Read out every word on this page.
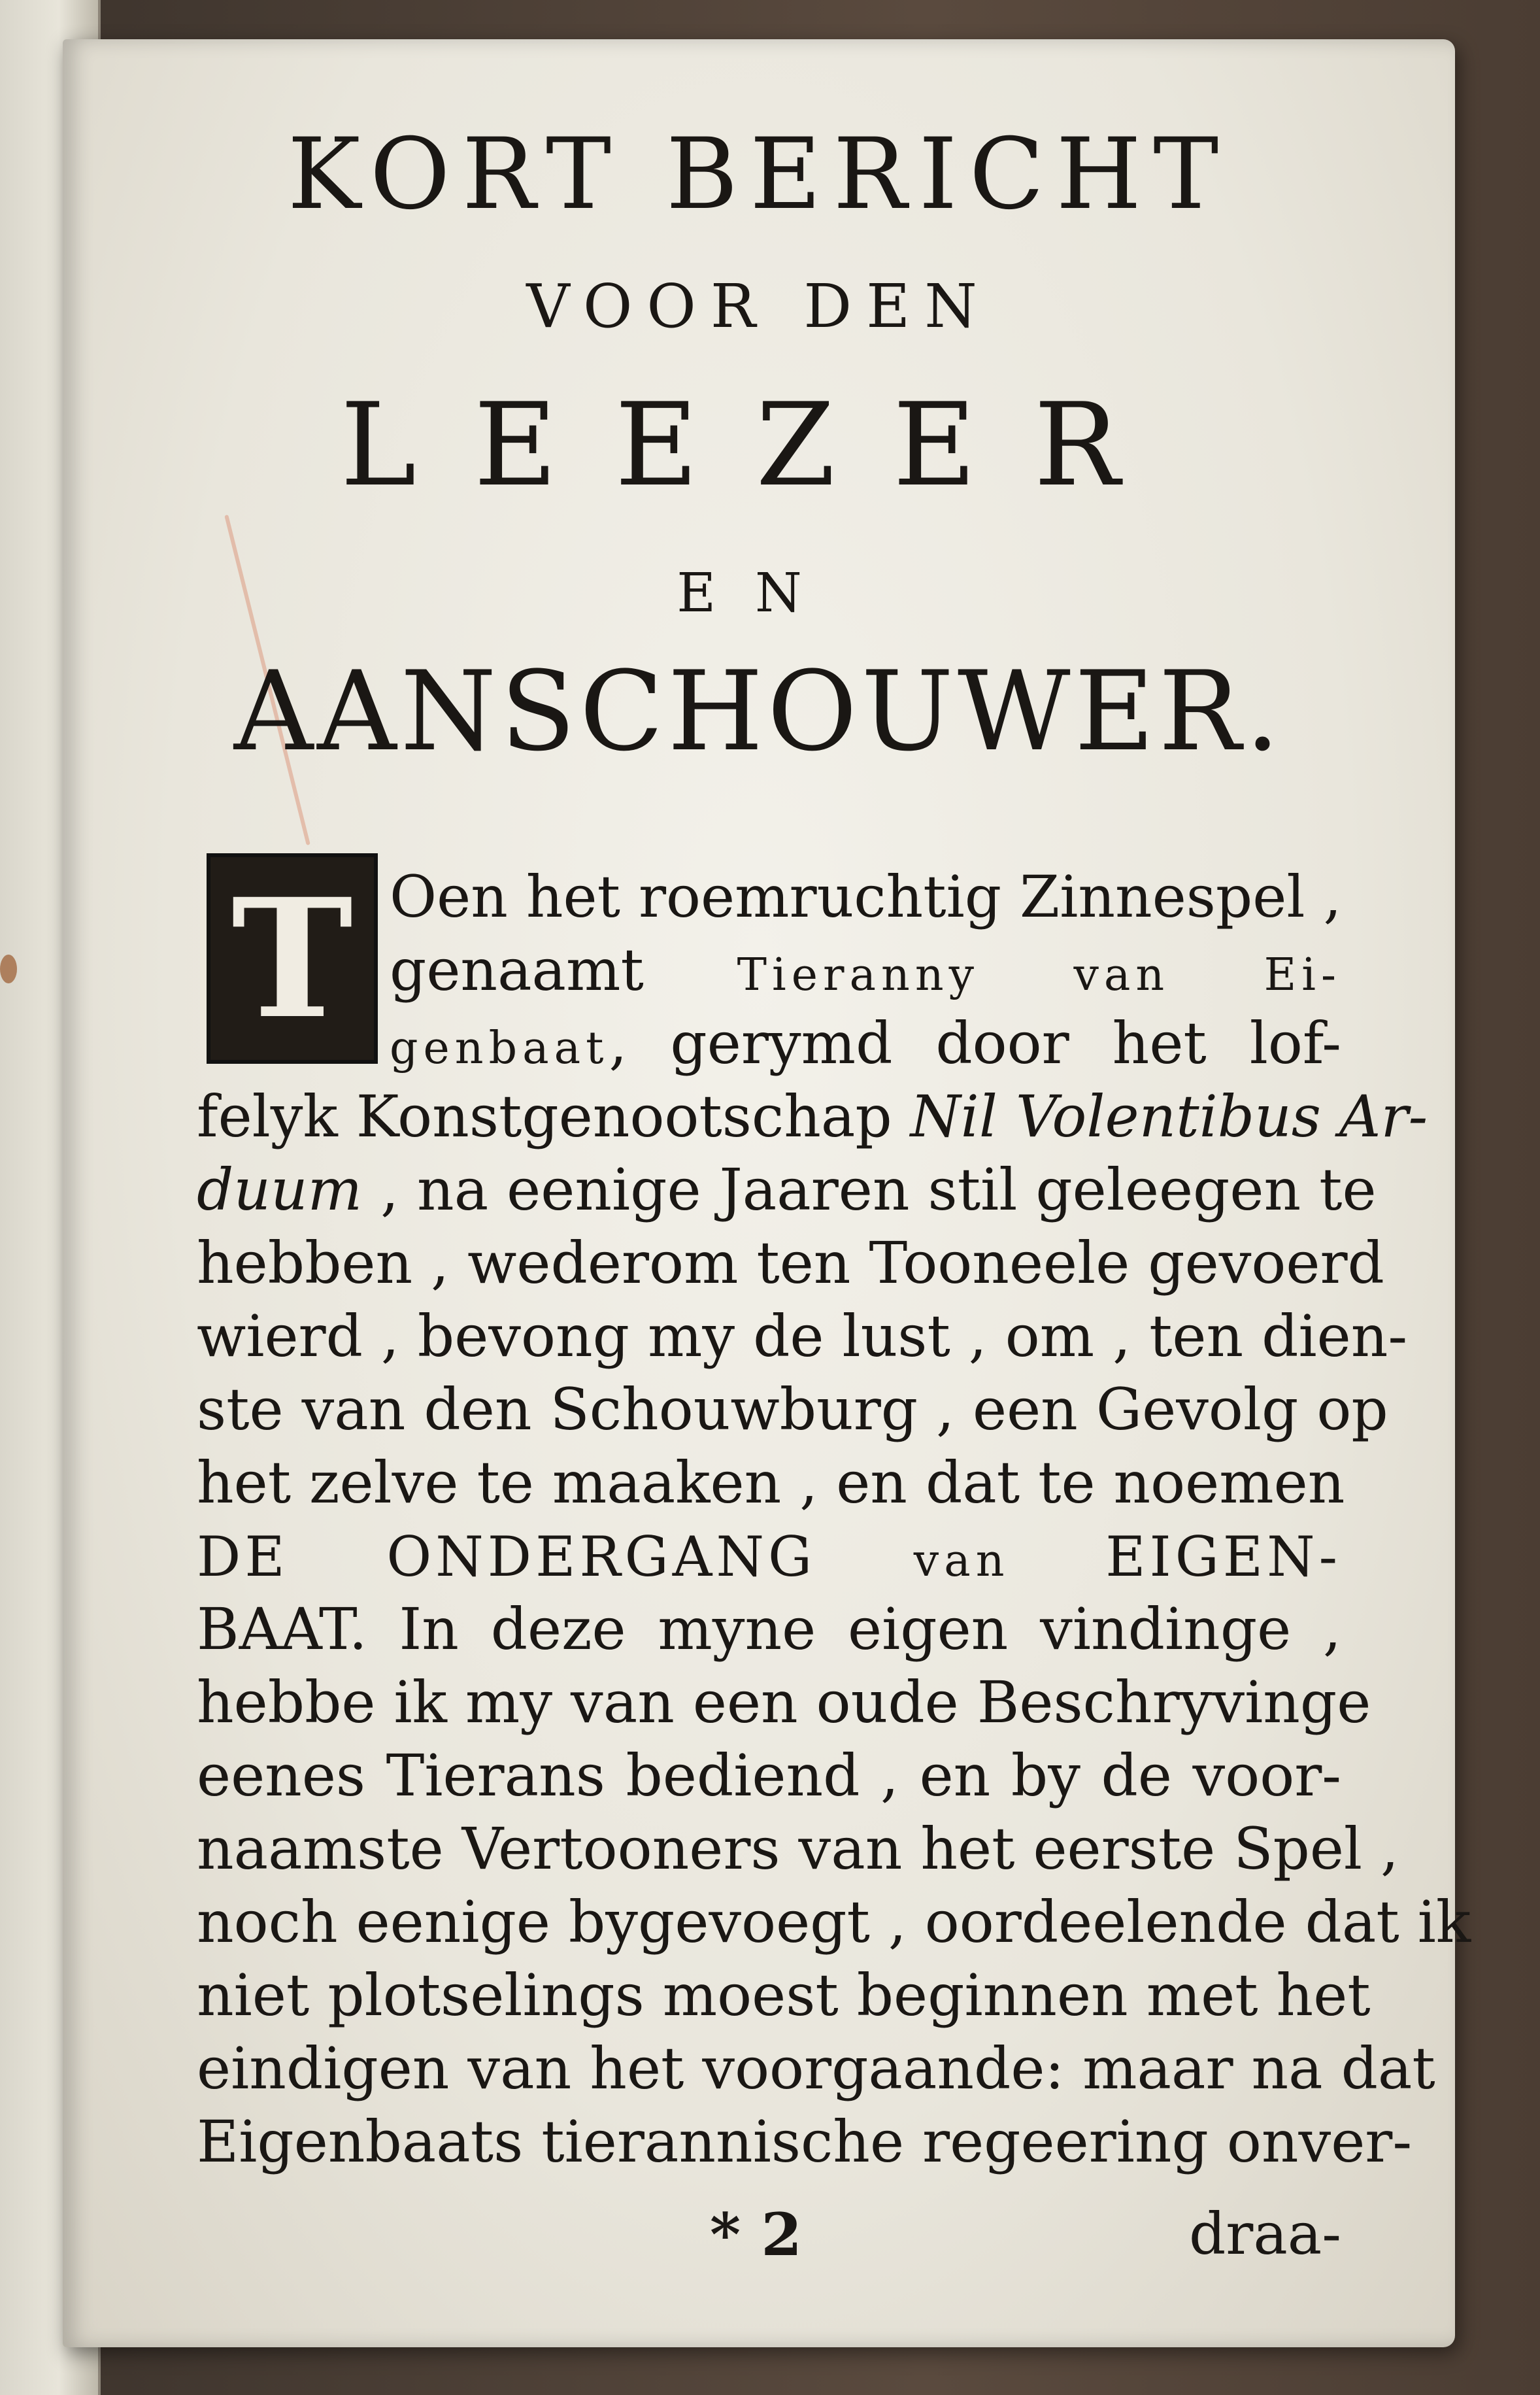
KORT BERICHT
VOOR DEN
LEEZER
EN
AANSCHOUWER.
T Oen het roemruchtig Zinnespel ,
genaamt Tieranny van Ei-
genbaat, gerymd door het lof-
felyk Konstgenootschap Nil Volentibus Ar-
duum , na eenige Jaaren stil geleegen te
hebben , wederom ten Tooneele gevoerd
wierd , bevong my de lust , om , ten dien-
ste van den Schouwburg , een Gevolg op
het zelve te maaken , en dat te noemen
DE ONDERGANG van EIGEN-
BAAT. In deze myne eigen vindinge ,
hebbe ik my van een oude Beschryvinge
eenes Tierans bediend , en by de voor-
naamste Vertooners van het eerste Spel ,
noch eenige bygevoegt , oordeelende dat ik
niet plotselings moest beginnen met het
eindigen van het voorgaande: maar na dat
Eigenbaats tierannische regeering onver-
* 2	draa-
